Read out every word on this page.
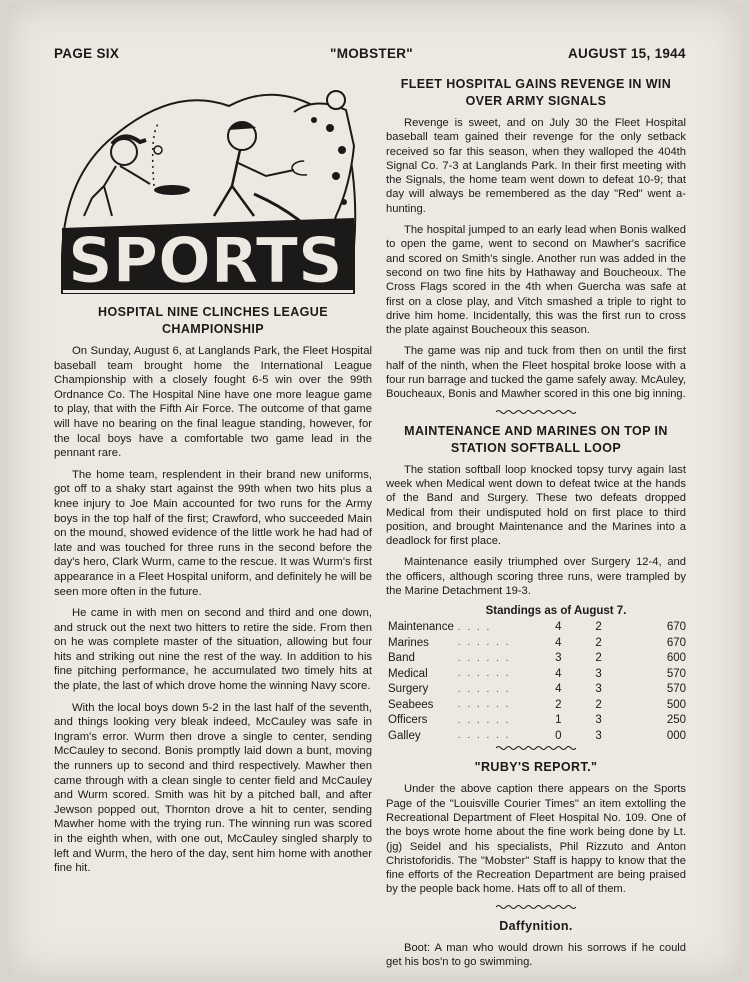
PAGE SIX	"MOBSTER"	AUGUST 15, 1944
SPORTS
HOSPITAL NINE CLINCHES LEAGUE CHAMPIONSHIP

On Sunday, August 6, at Langlands Park, the Fleet Hospital baseball team brought home the International League Championship with a closely fought 6-5 win over the 99th Ordnance Co. The Hospital Nine have one more league game to play, that with the Fifth Air Force. The outcome of that game will have no bearing on the final league standing, however, for the local boys have a comfortable two game lead in the pennant rare.

The home team, resplendent in their brand new uniforms, got off to a shaky start against the 99th when two hits plus a knee injury to Joe Main accounted for two runs for the Army boys in the top half of the first; Crawford, who succeeded Main on the mound, showed evidence of the little work he had had of late and was touched for three runs in the second before the day's hero, Clark Wurm, came to the rescue. It was Wurm's first appearance in a Fleet Hospital uniform, and definitely he will be seen more often in the future.

He came in with men on second and third and one down, and struck out the next two hitters to retire the side. From then on he was complete master of the situation, allowing but four hits and striking out nine the rest of the way. In addition to his fine pitching performance, he accumulated two timely hits at the plate, the last of which drove home the winning Navy score.

With the local boys down 5-2 in the last half of the seventh, and things looking very bleak indeed, McCauley was safe in Ingram's error. Wurm then drove a single to center, sending McCauley to second. Bonis promptly laid down a bunt, moving the runners up to second and third respectively. Mawher then came through with a clean single to center field and McCauley and Wurm scored. Smith was hit by a pitched ball, and after Jewson popped out, Thornton drove a hit to center, sending Mawher home with the trying run. The winning run was scored in the eighth when, with one out, McCauley singled sharply to left and Wurm, the hero of the day, sent him home with another fine hit.

FLEET HOSPITAL GAINS REVENGE IN WIN OVER ARMY SIGNALS

Revenge is sweet, and on July 30 the Fleet Hospital baseball team gained their revenge for the only setback received so far this season, when they walloped the 404th Signal Co. 7-3 at Langlands Park. In their first meeting with the Signals, the home team went down to defeat 10-9; that day will always be remembered as the day "Red" went a-hunting.

The hospital jumped to an early lead when Bonis walked to open the game, went to second on Mawher's sacrifice and scored on Smith's single. Another run was added in the second on two fine hits by Hathaway and Boucheoux. The Cross Flags scored in the 4th when Guercha was safe at first on a close play, and Vitch smashed a triple to right to drive him home. Incidentally, this was the first run to cross the plate against Boucheoux this season.

The game was nip and tuck from then on until the first half of the ninth, when the Fleet hospital broke loose with a four run barrage and tucked the game safely away. McAuley, Boucheaux, Bonis and Mawher scored in this one big inning.

MAINTENANCE AND MARINES ON TOP IN STATION SOFTBALL LOOP

The station softball loop knocked topsy turvy again last week when Medical went down to defeat twice at the hands of the Band and Surgery. These two defeats dropped Medical from their undisputed hold on first place to third position, and brought Maintenance and the Marines into a deadlock for first place.

Maintenance easily triumphed over Surgery 12-4, and the officers, although scoring three runs, were trampled by the Marine Detachment 19-3.

Standings as of August 7.
Maintenance	. . . .	4	2	670
Marines	. . . . . .	4	2	670
Band	. . . . . .	3	2	600
Medical	. . . . . .	4	3	570
Surgery	. . . . . .	4	3	570
Seabees	. . . . . .	2	2	500
Officers	. . . . . .	1	3	250
Galley	. . . . . .	0	3	000
"RUBY'S REPORT."

Under the above caption there appears on the Sports Page of the "Louisville Courier Times" an item extolling the Recreational Department of Fleet Hospital No. 109. One of the boys wrote home about the fine work being done by Lt. (jg) Seidel and his specialists, Phil Rizzuto and Anton Christoforidis. The "Mobster" Staff is happy to know that the fine efforts of the Recreation Department are being praised by the people back home. Hats off to all of them.

Daffynition.

Boot: A man who would drown his sorrows if he could get his bos'n to go swimming.
